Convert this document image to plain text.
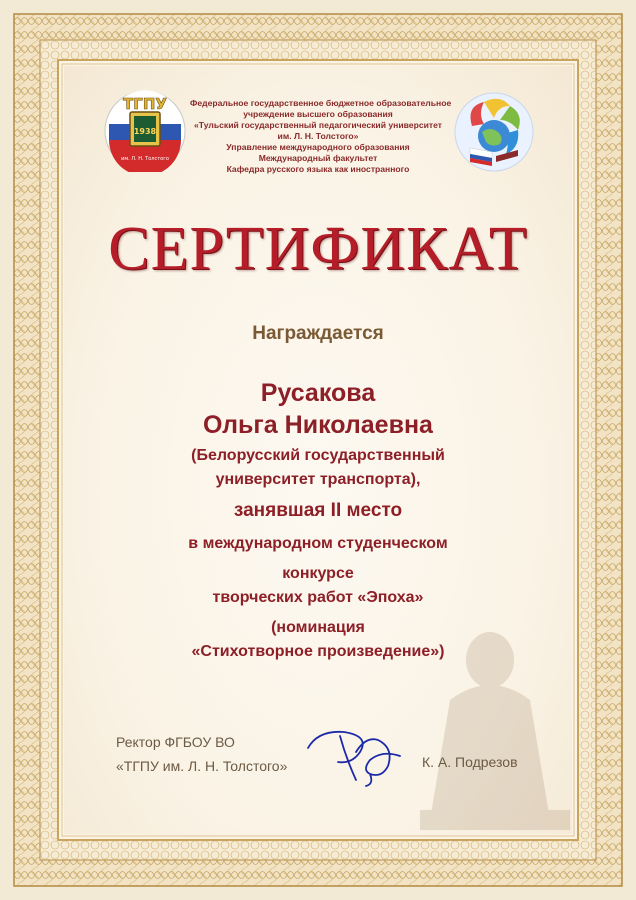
1938
ТГПУ
им. Л. Н. Толстого
Федеральное государственное бюджетное образовательное
учреждение высшего образования
«Тульский государственный педагогический университет
им. Л. Н. Толстого»
Управление международного образования
Международный факультет
Кафедра русского языка как иностранного
СЕРТИФИКАТ
Награждается
Русакова
Ольга Николаевна
(Белорусский государственный
университет транспорта),
занявшая II место
в международном студенческом
конкурсе
творческих работ «Эпоха»
(номинация
«Стихотворное произведение»)
Ректор ФГБОУ ВО
«ТГПУ им. Л. Н. Толстого»	К. А. Подрезов
